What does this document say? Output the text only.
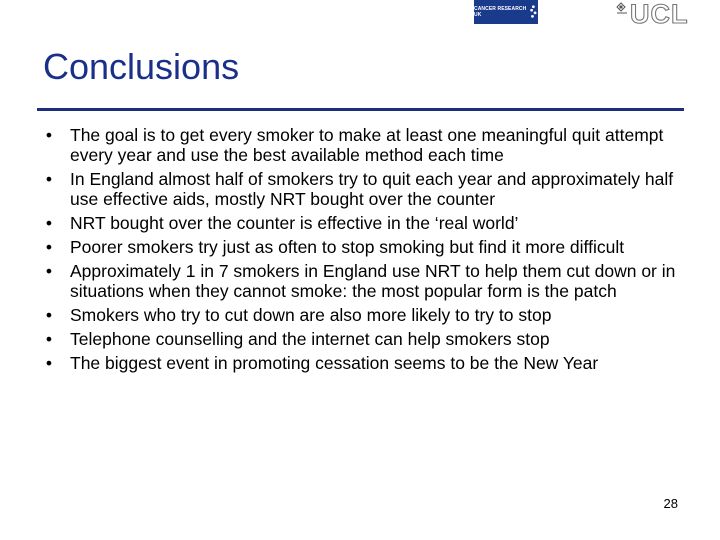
CANCER RESEARCH UK	UCL
Conclusions
• The goal is to get every smoker to make at least one meaningful quit attempt every year and use the best available method each time
• In England almost half of smokers try to quit each year and approximately half use effective aids, mostly NRT bought over the counter
• NRT bought over the counter is effective in the ‘real world’
• Poorer smokers try just as often to stop smoking but find it more difficult
• Approximately 1 in 7 smokers in England use NRT to help them cut down or in situations when they cannot smoke: the most popular form is the patch
• Smokers who try to cut down are also more likely to try to stop
• Telephone counselling and the internet can help smokers stop
• The biggest event in promoting cessation seems to be the New Year
28
